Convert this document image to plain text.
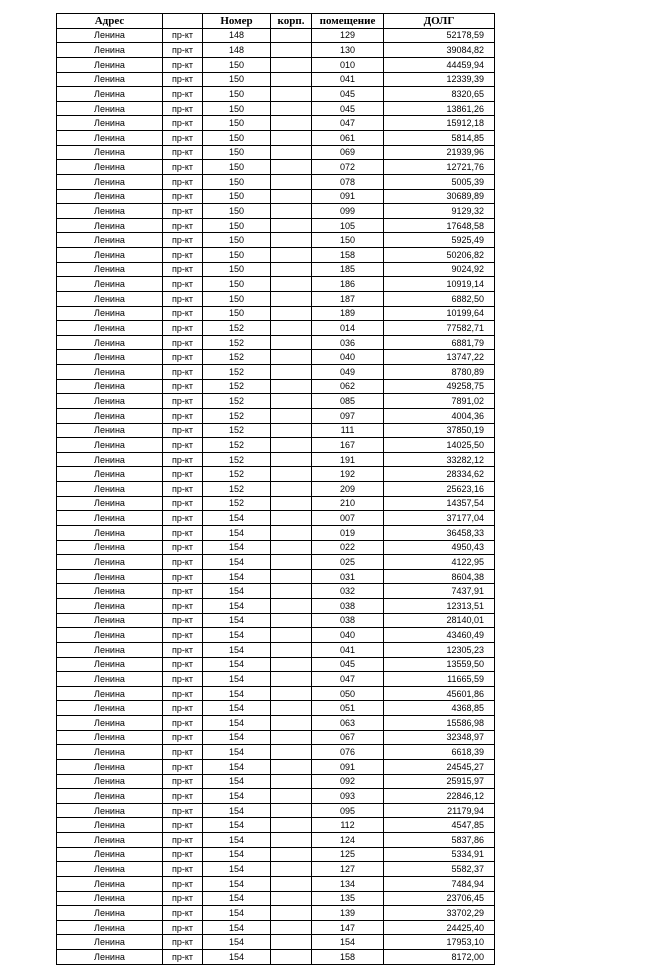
Адрес		Номер	корп.	помещение	ДОЛГ
Ленина	пр-кт	148		129	52178,59
Ленина	пр-кт	148		130	39084,82
Ленина	пр-кт	150		010	44459,94
Ленина	пр-кт	150		041	12339,39
Ленина	пр-кт	150		045	8320,65
Ленина	пр-кт	150		045	13861,26
Ленина	пр-кт	150		047	15912,18
Ленина	пр-кт	150		061	5814,85
Ленина	пр-кт	150		069	21939,96
Ленина	пр-кт	150		072	12721,76
Ленина	пр-кт	150		078	5005,39
Ленина	пр-кт	150		091	30689,89
Ленина	пр-кт	150		099	9129,32
Ленина	пр-кт	150		105	17648,58
Ленина	пр-кт	150		150	5925,49
Ленина	пр-кт	150		158	50206,82
Ленина	пр-кт	150		185	9024,92
Ленина	пр-кт	150		186	10919,14
Ленина	пр-кт	150		187	6882,50
Ленина	пр-кт	150		189	10199,64
Ленина	пр-кт	152		014	77582,71
Ленина	пр-кт	152		036	6881,79
Ленина	пр-кт	152		040	13747,22
Ленина	пр-кт	152		049	8780,89
Ленина	пр-кт	152		062	49258,75
Ленина	пр-кт	152		085	7891,02
Ленина	пр-кт	152		097	4004,36
Ленина	пр-кт	152		111	37850,19
Ленина	пр-кт	152		167	14025,50
Ленина	пр-кт	152		191	33282,12
Ленина	пр-кт	152		192	28334,62
Ленина	пр-кт	152		209	25623,16
Ленина	пр-кт	152		210	14357,54
Ленина	пр-кт	154		007	37177,04
Ленина	пр-кт	154		019	36458,33
Ленина	пр-кт	154		022	4950,43
Ленина	пр-кт	154		025	4122,95
Ленина	пр-кт	154		031	8604,38
Ленина	пр-кт	154		032	7437,91
Ленина	пр-кт	154		038	12313,51
Ленина	пр-кт	154		038	28140,01
Ленина	пр-кт	154		040	43460,49
Ленина	пр-кт	154		041	12305,23
Ленина	пр-кт	154		045	13559,50
Ленина	пр-кт	154		047	11665,59
Ленина	пр-кт	154		050	45601,86
Ленина	пр-кт	154		051	4368,85
Ленина	пр-кт	154		063	15586,98
Ленина	пр-кт	154		067	32348,97
Ленина	пр-кт	154		076	6618,39
Ленина	пр-кт	154		091	24545,27
Ленина	пр-кт	154		092	25915,97
Ленина	пр-кт	154		093	22846,12
Ленина	пр-кт	154		095	21179,94
Ленина	пр-кт	154		112	4547,85
Ленина	пр-кт	154		124	5837,86
Ленина	пр-кт	154		125	5334,91
Ленина	пр-кт	154		127	5582,37
Ленина	пр-кт	154		134	7484,94
Ленина	пр-кт	154		135	23706,45
Ленина	пр-кт	154		139	33702,29
Ленина	пр-кт	154		147	24425,40
Ленина	пр-кт	154		154	17953,10
Ленина	пр-кт	154		158	8172,00
